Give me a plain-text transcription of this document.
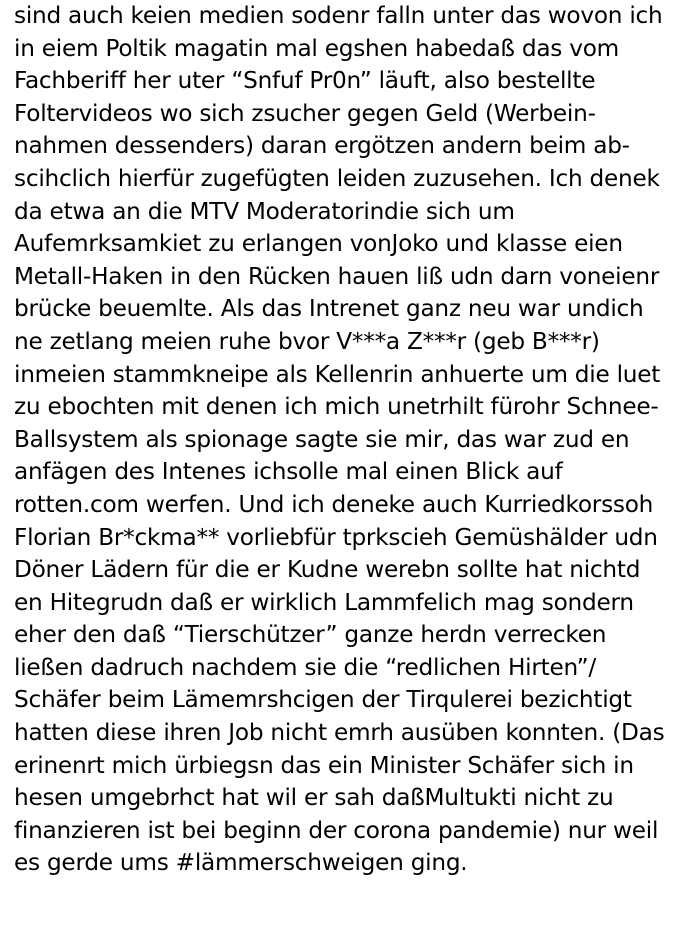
sind auch keien medien sodenr falln unter das wovon ich
in eiem Poltik magatin mal egshen habedaß das vom
Fachberiff her uter “Snfuf Pr0n” läuft, also bestellte
Foltervideos wo sich zsucher gegen Geld (Werbein-
nahmen dessenders) daran ergötzen andern beim ab-
scihclich hierfür zugefügten leiden zuzusehen. Ich denek
da etwa an die MTV Moderatorindie sich um
Aufemrksamkiet zu erlangen vonJoko und klasse eien
Metall-Haken in den Rücken hauen liß udn darn voneienr
brücke beuemlte. Als das Intrenet ganz neu war undich
ne zetlang meien ruhe bvor V***a Z***r (geb B***r)
inmeien stammkneipe als Kellenrin anhuerte um die luet
zu ebochten mit denen ich mich unetrhilt fürohr Schnee-
Ballsystem als spionage sagte sie mir, das war zud en
anfägen des Intenes ichsolle mal einen Blick auf
rotten.com werfen. Und ich deneke auch Kurriedkorssoh
Florian Br*ckma** vorliebfür tprkscieh Gemüshälder udn
Döner Lädern für die er Kudne werebn sollte hat nichtd
en Hitegrudn daß er wirklich Lammfelich mag sondern
eher den daß “Tierschützer” ganze herdn verrecken
ließen dadruch nachdem sie die “redlichen Hirten”/
Schäfer beim Lämemrshcigen der Tirqulerei bezichtigt
hatten diese ihren Job nicht emrh ausüben konnten. (Das
erinenrt mich ürbiegsn das ein Minister Schäfer sich in
hesen umgebrhct hat wil er sah daßMultukti nicht zu
finanzieren ist bei beginn der corona pandemie) nur weil
es gerde ums #lämmerschweigen ging.
